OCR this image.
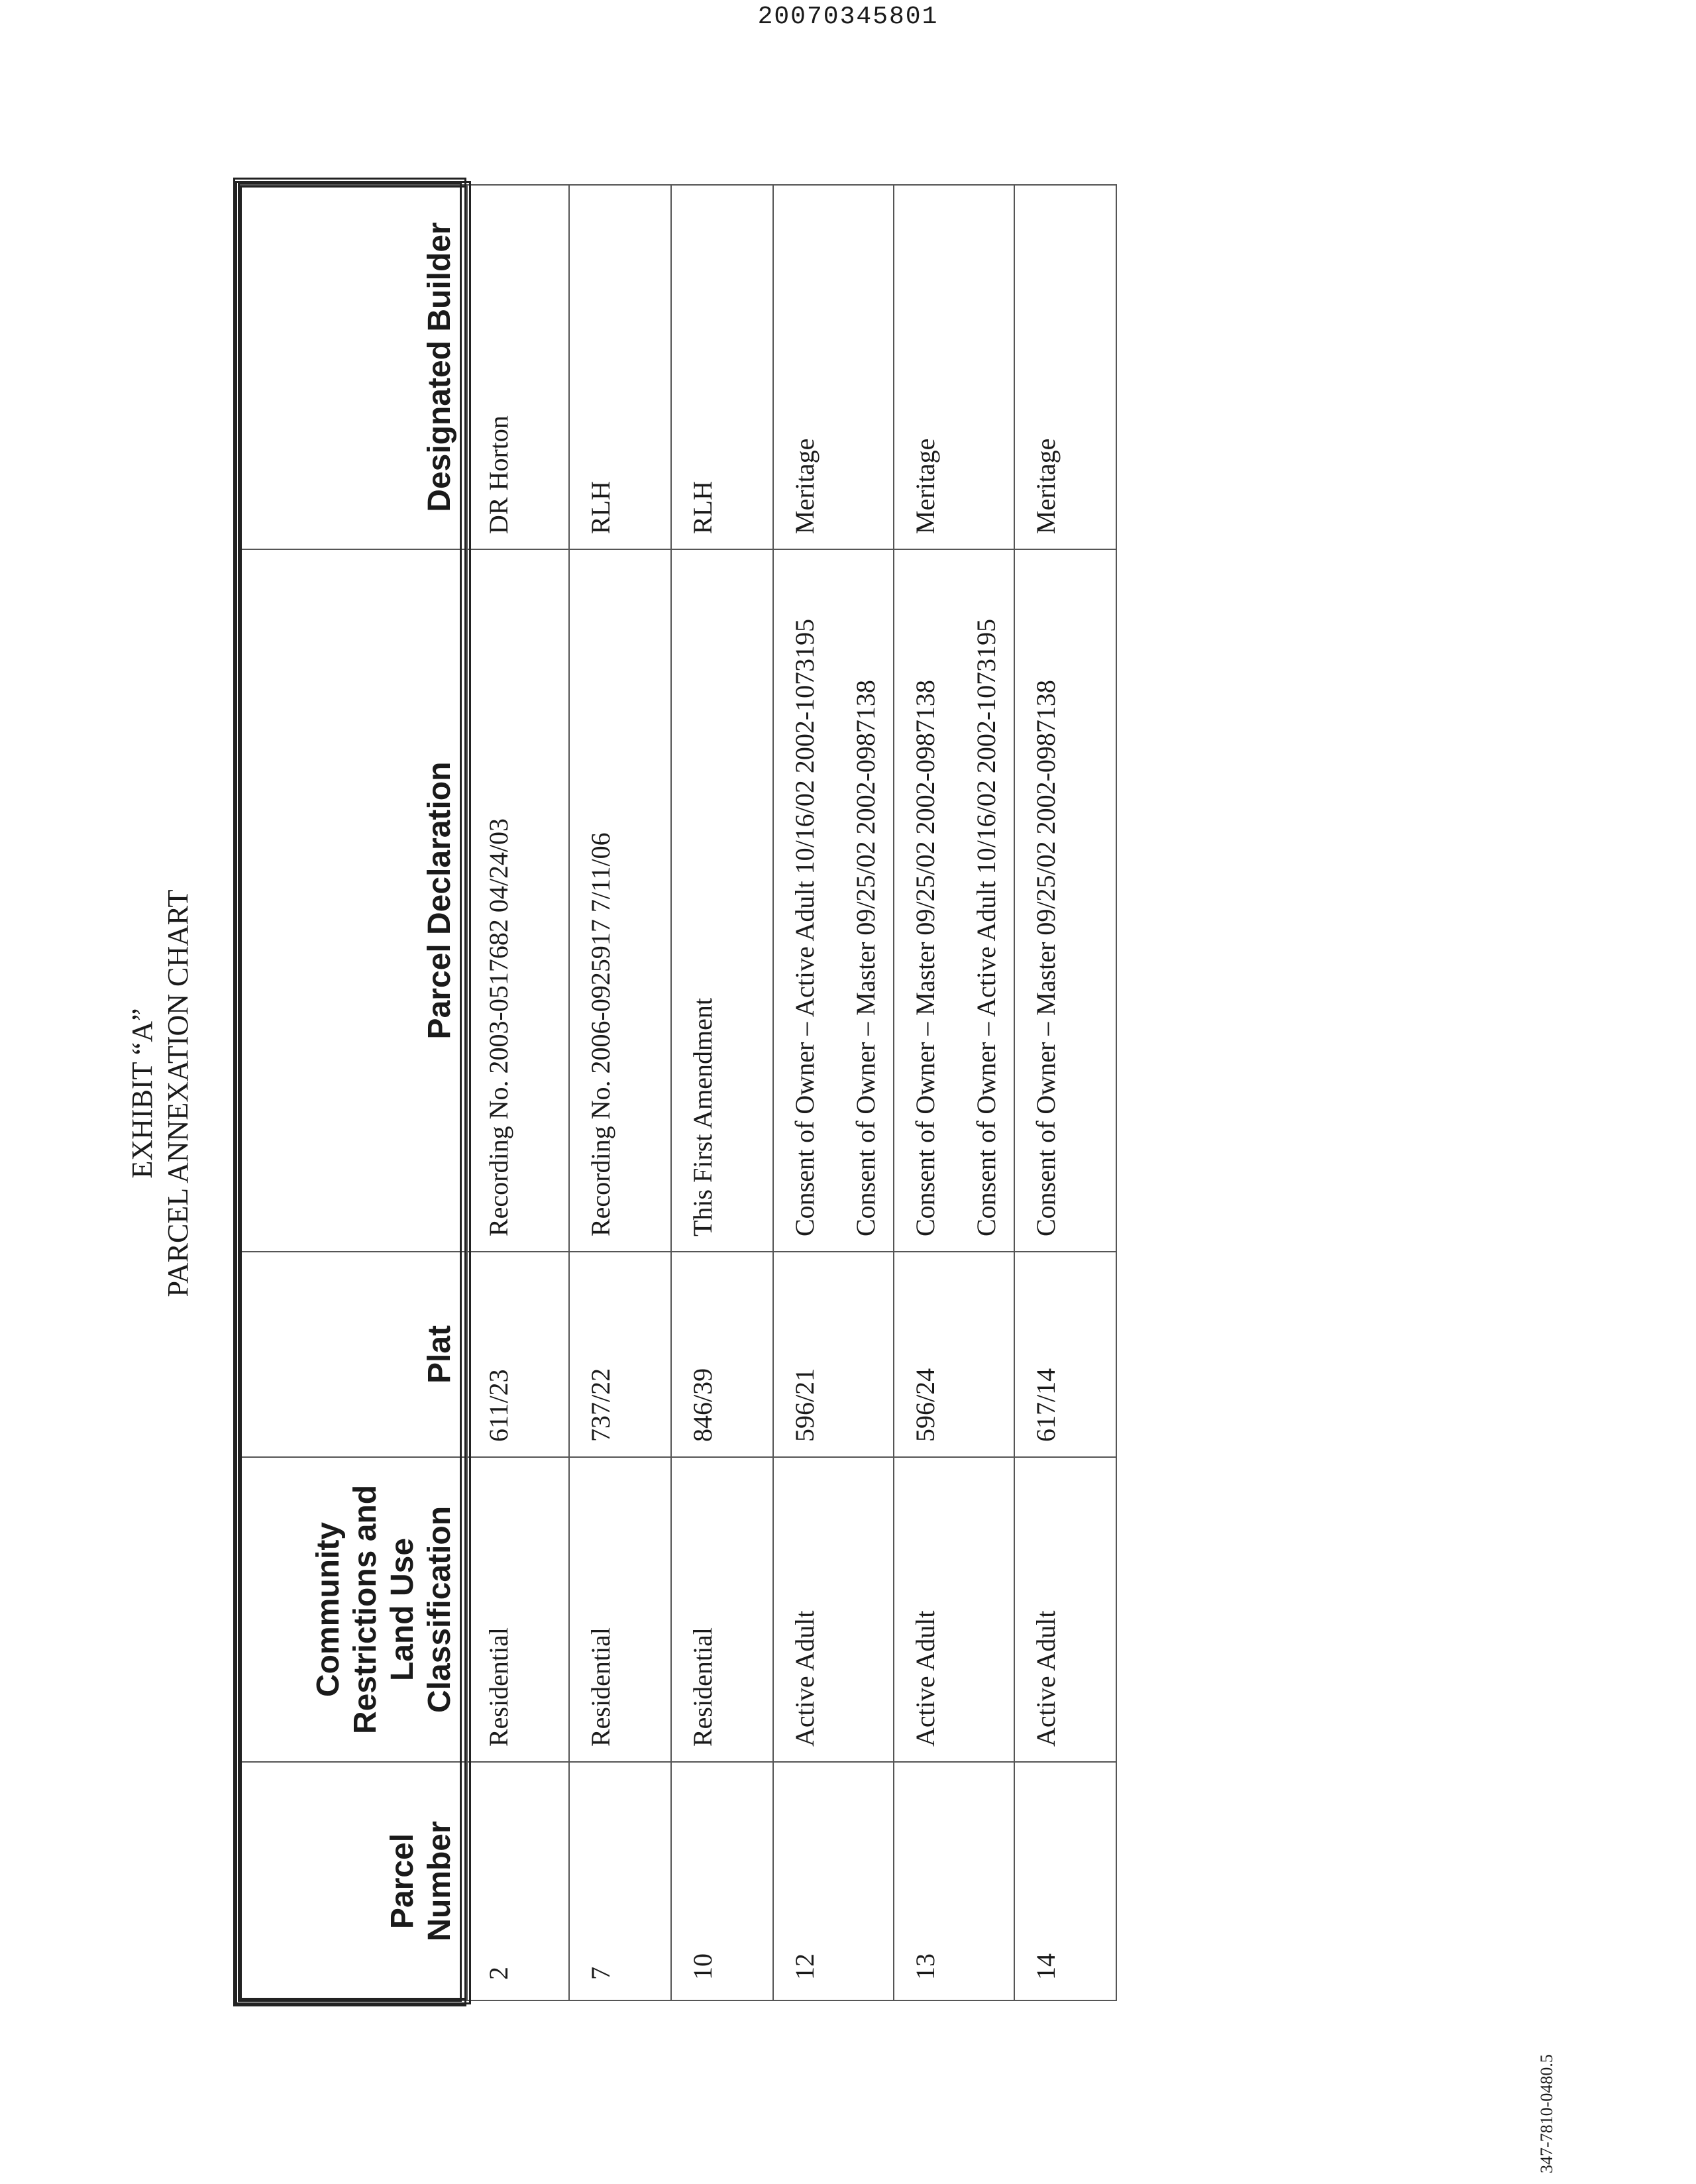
20070345801
347-7810-0480.5
EXHIBIT “A” PARCEL ANNEXATION CHART
Parcel Number	Community Restrictions and Land Use Classification	Plat	Parcel Declaration	Designated Builder
2	Residential	611/23	Recording No. 2003-0517682 04/24/03	DR Horton
7	Residential	737/22	Recording No. 2006-0925917 7/11/06	RLH
10	Residential	846/39	This First Amendment	RLH
12	Active Adult	596/21	Consent of Owner – Active Adult 10/16/02 2002-1073195 Consent of Owner – Master 09/25/02 2002-0987138	Meritage
13	Active Adult	596/24	Consent of Owner – Master 09/25/02 2002-0987138 Consent of Owner – Active Adult 10/16/02 2002-1073195	Meritage
14	Active Adult	617/14	Consent of Owner – Master 09/25/02 2002-0987138	Meritage
